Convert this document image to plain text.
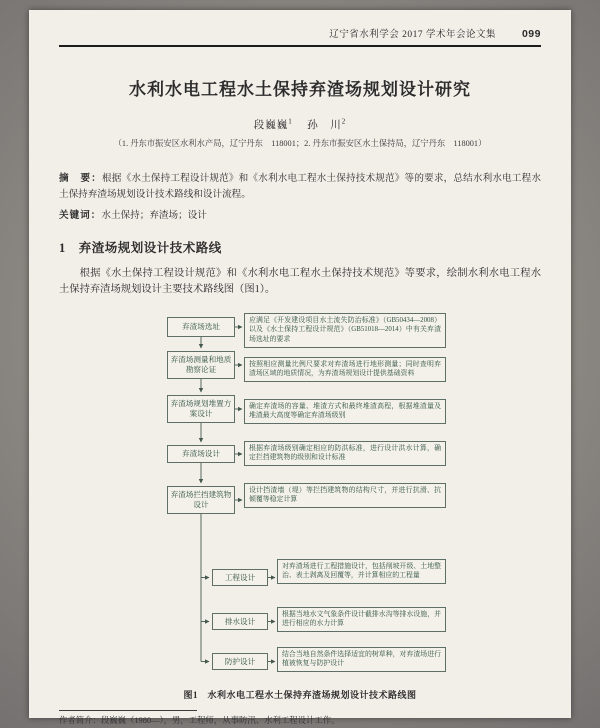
辽宁省水利学会 2017 学术年会论文集 099
水利水电工程水土保持弃渣场规划设计研究
段巍巍$^1$ 孙　川$^2$
（1. 丹东市振安区水利水产局，辽宁丹东　118001；2. 丹东市振安区水土保持局，辽宁丹东　118001）
摘　要：根据《水土保持工程设计规范》和《水利水电工程水土保持技术规范》等的要求，总结水利水电工程水土保持弃渣场规划设计技术路线和设计流程。
关键词：水土保持；弃渣场；设计
1　弃渣场规划设计技术路线
根据《水土保持工程设计规范》和《水利水电工程水土保持技术规范》等要求，绘制水利水电工程水土保持弃渣场规划设计主要技术路线图（图1）。
弃渣场选址
弃渣场测量和地质勘察论证
弃渣场规划堆置方案设计
弃渣场设计
弃渣场拦挡建筑物设计
工程设计
排水设计
防护设计
应满足《开发建设项目水土流失防治标准》（GB50434—2008）以及《水土保持工程设计规范》（GB51018—2014）中有关弃渣场选址的要求
按照相应测量比例尺要求对弃渣场进行地形测量；同时查明弃渣场区域的地质情况，为弃渣场规划设计提供基础资料
确定弃渣场的容量、堆渣方式和最终堆渣高程，根据堆渣量及堆渣最大高度等确定弃渣场级别
根据弃渣场级别确定相应的防洪标准，进行设计洪水计算，确定拦挡建筑物的级别和设计标准
设计挡渣墙（堤）等拦挡建筑物的结构尺寸，并进行抗滑、抗倾覆等稳定计算
对弃渣场进行工程措施设计，包括削坡开级、土地整治、表土剥离及回覆等，并计算相应的工程量
根据当地水文气象条件设计截排水沟等排水设施，并进行相应的水力计算
结合当地自然条件选择适宜的树草种，对弃渣场进行植被恢复与防护设计
图1　水利水电工程水土保持弃渣场规划设计技术路线图
作者简介：段巍巍（1980—），男，工程师，从事防汛、水利工程设计工作。
